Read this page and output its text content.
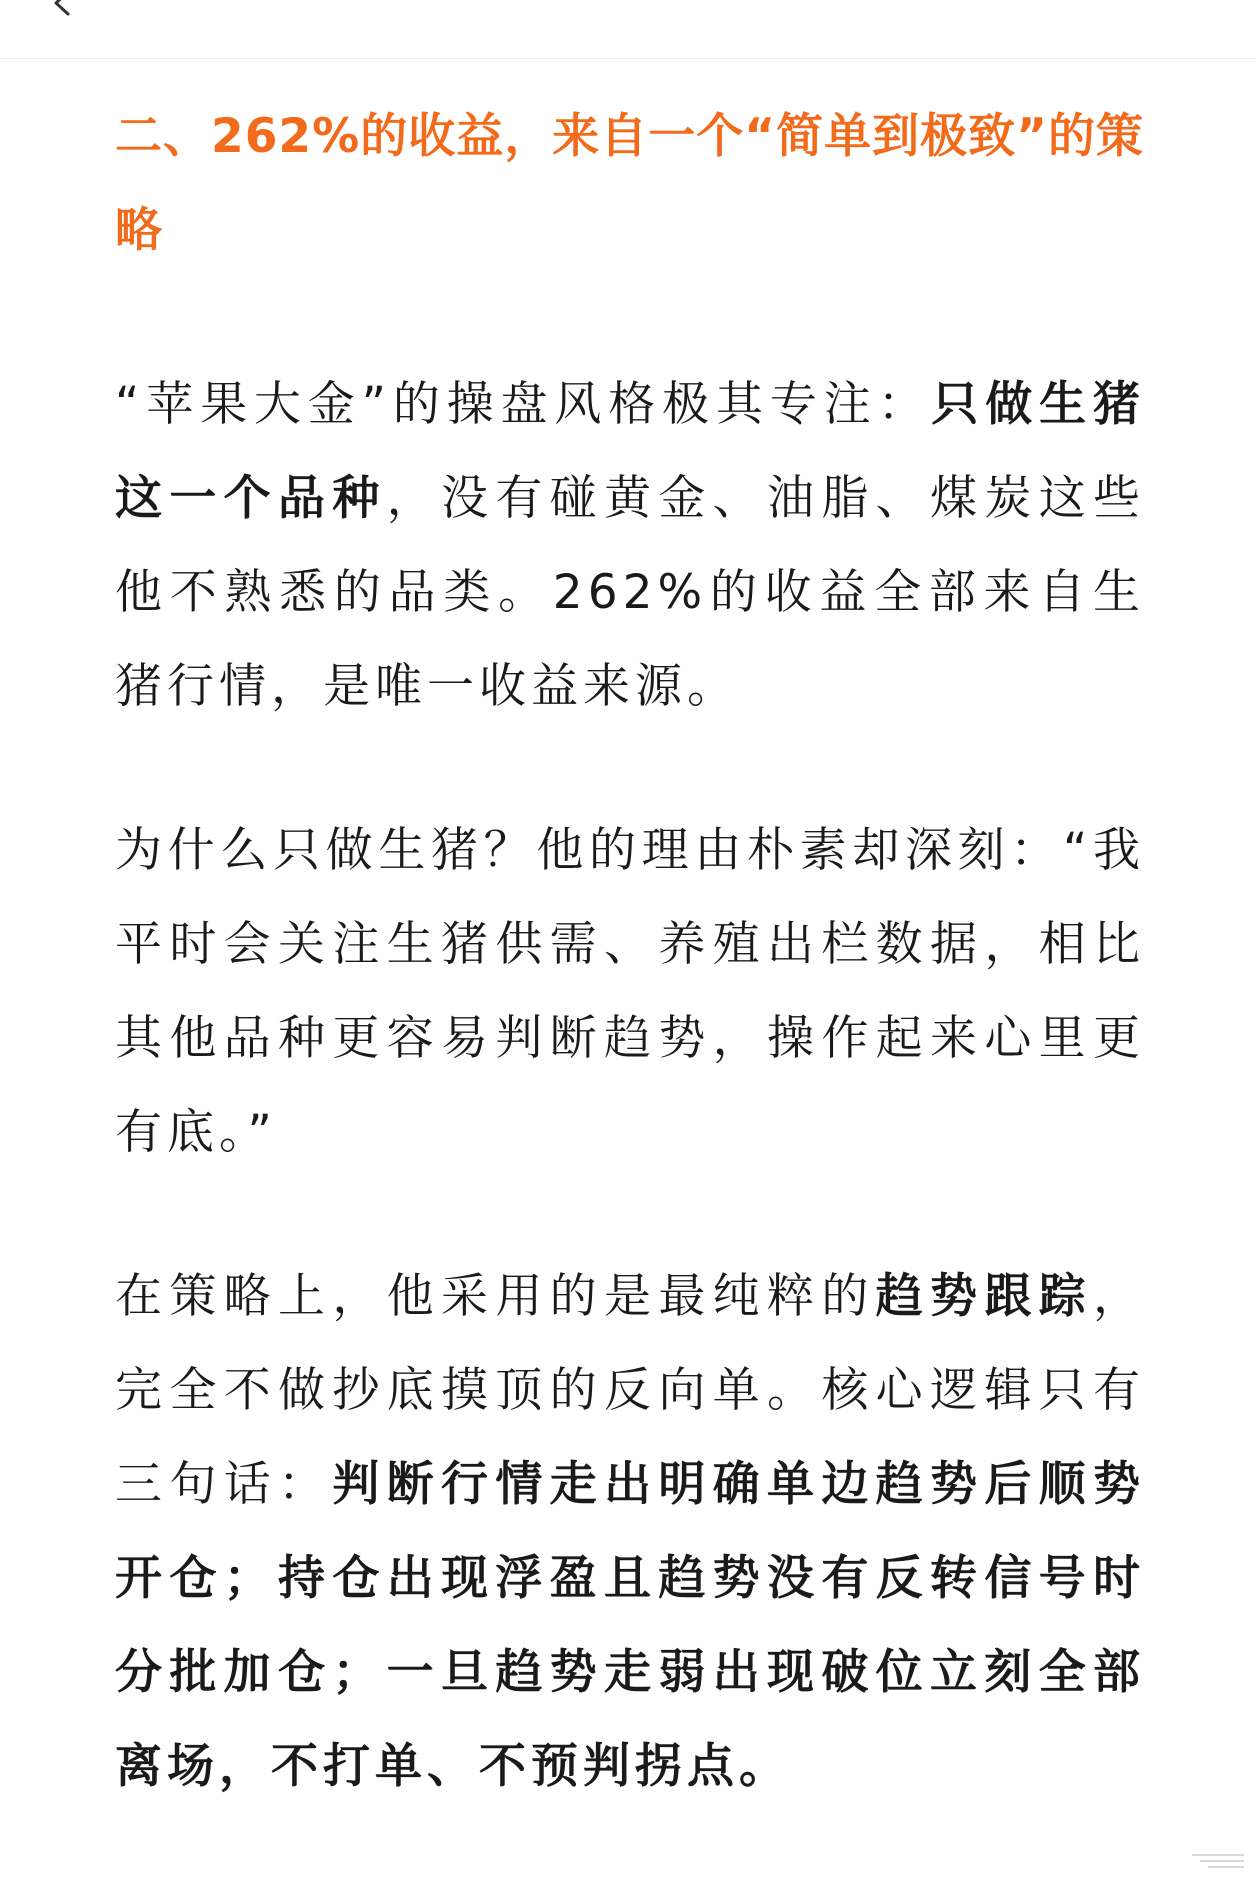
二、262%的收益，来自一个“简单到极致”的策略

“苹果大金”的操盘风格极其专注：只做生猪这一个品种，没有碰黄金、油脂、煤炭这些他不熟悉的品类。262%的收益全部来自生猪行情，是唯一收益来源。

为什么只做生猪？他的理由朴素却深刻：“我平时会关注生猪供需、养殖出栏数据，相比其他品种更容易判断趋势，操作起来心里更有底。”

在策略上，他采用的是最纯粹的趋势跟踪，完全不做抄底摸顶的反向单。核心逻辑只有三句话：判断行情走出明确单边趋势后顺势开仓；持仓出现浮盈且趋势没有反转信号时分批加仓；一旦趋势走弱出现破位立刻全部离场，不打单、不预判拐点。
